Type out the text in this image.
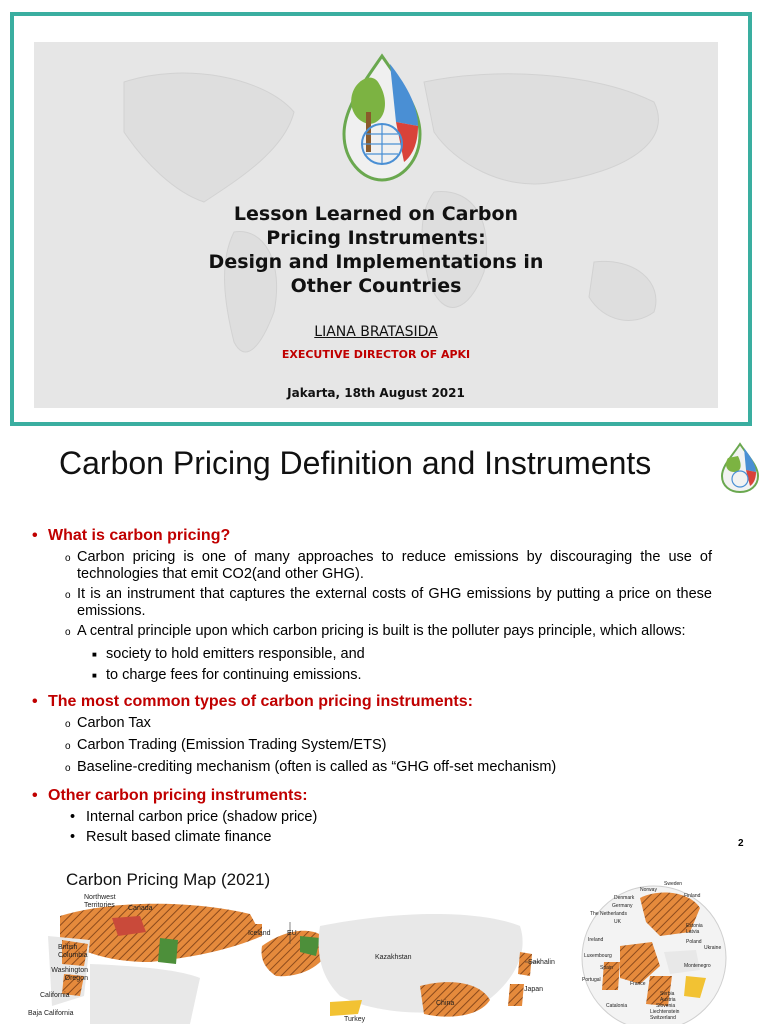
Lesson Learned on Carbon
Pricing Instruments:
Design and Implementations in
Other Countries
LIANA BRATASIDA
EXECUTIVE DIRECTOR OF APKI
Jakarta, 18th August 2021
Carbon Pricing Definition and Instruments
• What is carbon pricing?
o Carbon pricing is one of many approaches to reduce emissions by discouraging the use of technologies that emit CO2(and other GHG).
o It is an instrument that captures the external costs of GHG emissions by putting a price on these emissions.
o A central principle upon which carbon pricing is built is the polluter pays principle, which allows:
■ society to hold emitters responsible, and
■ to charge fees for continuing emissions.
• The most common types of carbon pricing instruments:
o Carbon Tax
o Carbon Trading (Emission Trading System/ETS)
o Baseline-crediting mechanism (often is called as “GHG off-set mechanism)
• Other carbon pricing instruments:
• Internal carbon price (shadow price)
• Result based climate finance	2
Carbon Pricing Map (2021)
Northwest Territories	Canada
British Columbia
Washington Oregon
California
Baja California
Iceland EU
Kazakhstan
Sakhalin
Japan
China
Turkey
Sweden
Norway
Denmark
Germany
The Netherlands
UK
Finland
Estonia
Latvia
Ireland	Poland
Ukraine
Luxembourg
Spain
France
Portugal
Montenegro
Serbia
Austria
Slovenia
Liechtenstein
Switzerland
Catalonia
